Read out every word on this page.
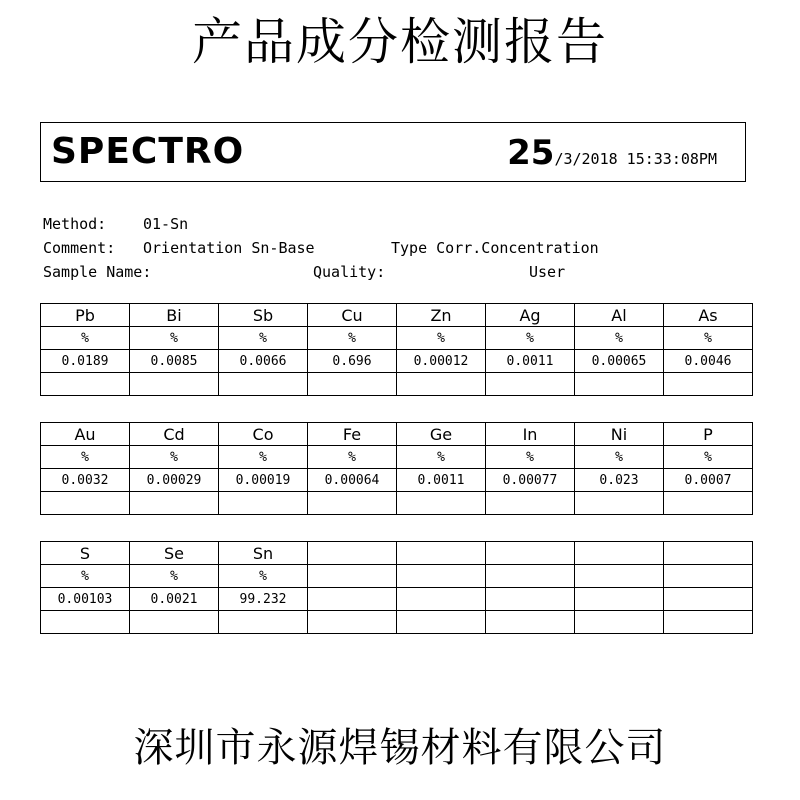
产品成分检测报告
SPECTRO	25/3/2018 15:33:08PM
Method: 01-Sn
Comment: Orientation Sn-Base	Type Corr.Concentration
Sample Name:	Quality:	User
Pb	Bi	Sb	Cu	Zn	Ag	Al	As
%	%	%	%	%	%	%	%
0.0189	0.0085	0.0066	0.696	0.00012	0.0011	0.00065	0.0046

Au	Cd	Co	Fe	Ge	In	Ni	P
%	%	%	%	%	%	%	%
0.0032	0.00029	0.00019	0.00064	0.0011	0.00077	0.023	0.0007

S	Se	Sn					
%	%	%					
0.00103	0.0021	99.232					

深圳市永源焊锡材料有限公司
